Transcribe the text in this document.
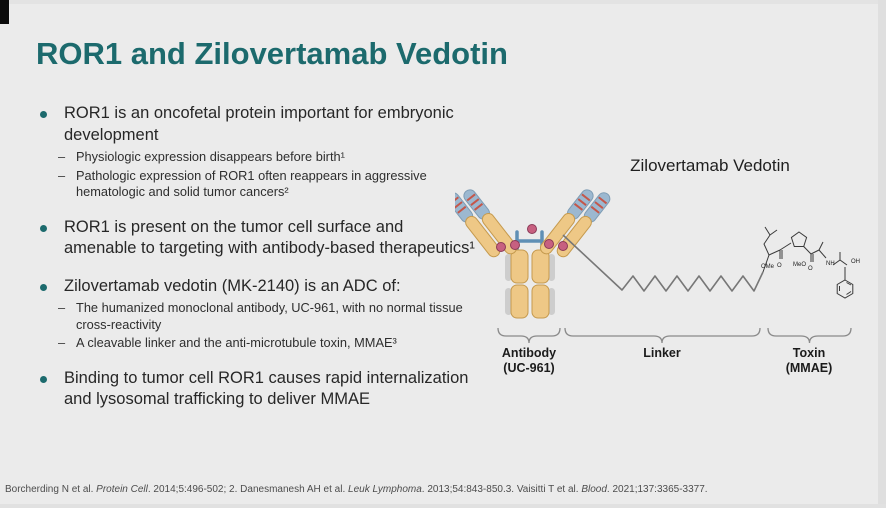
ROR1 and Zilovertamab Vedotin
ROR1 is an oncofetal protein important for embryonic development
– Physiologic expression disappears before birth¹
– Pathologic expression of ROR1 often reappears in aggressive hematologic and solid tumor cancers²
ROR1 is present on the tumor cell surface and amenable to targeting with antibody-based therapeutics¹
Zilovertamab vedotin (MK-2140) is an ADC of:
– The humanized monoclonal antibody, UC-961, with no normal tissue cross-reactivity
– A cleavable linker and the anti-microtubule toxin, MMAE³
Binding to tumor cell ROR1 causes rapid internalization and lysosomal trafficking to deliver MMAE
Zilovertamab Vedotin
OMe O MeO
O
NH	OH
Antibody
(UC-961)
Linker	Toxin
(MMAE)
Borcherding N et al. Protein Cell. 2014;5:496-502; 2. Danesmanesh AH et al. Leuk Lymphoma. 2013;54:843-850.3. Vaisitti T et al. Blood. 2021;137:3365-3377.
